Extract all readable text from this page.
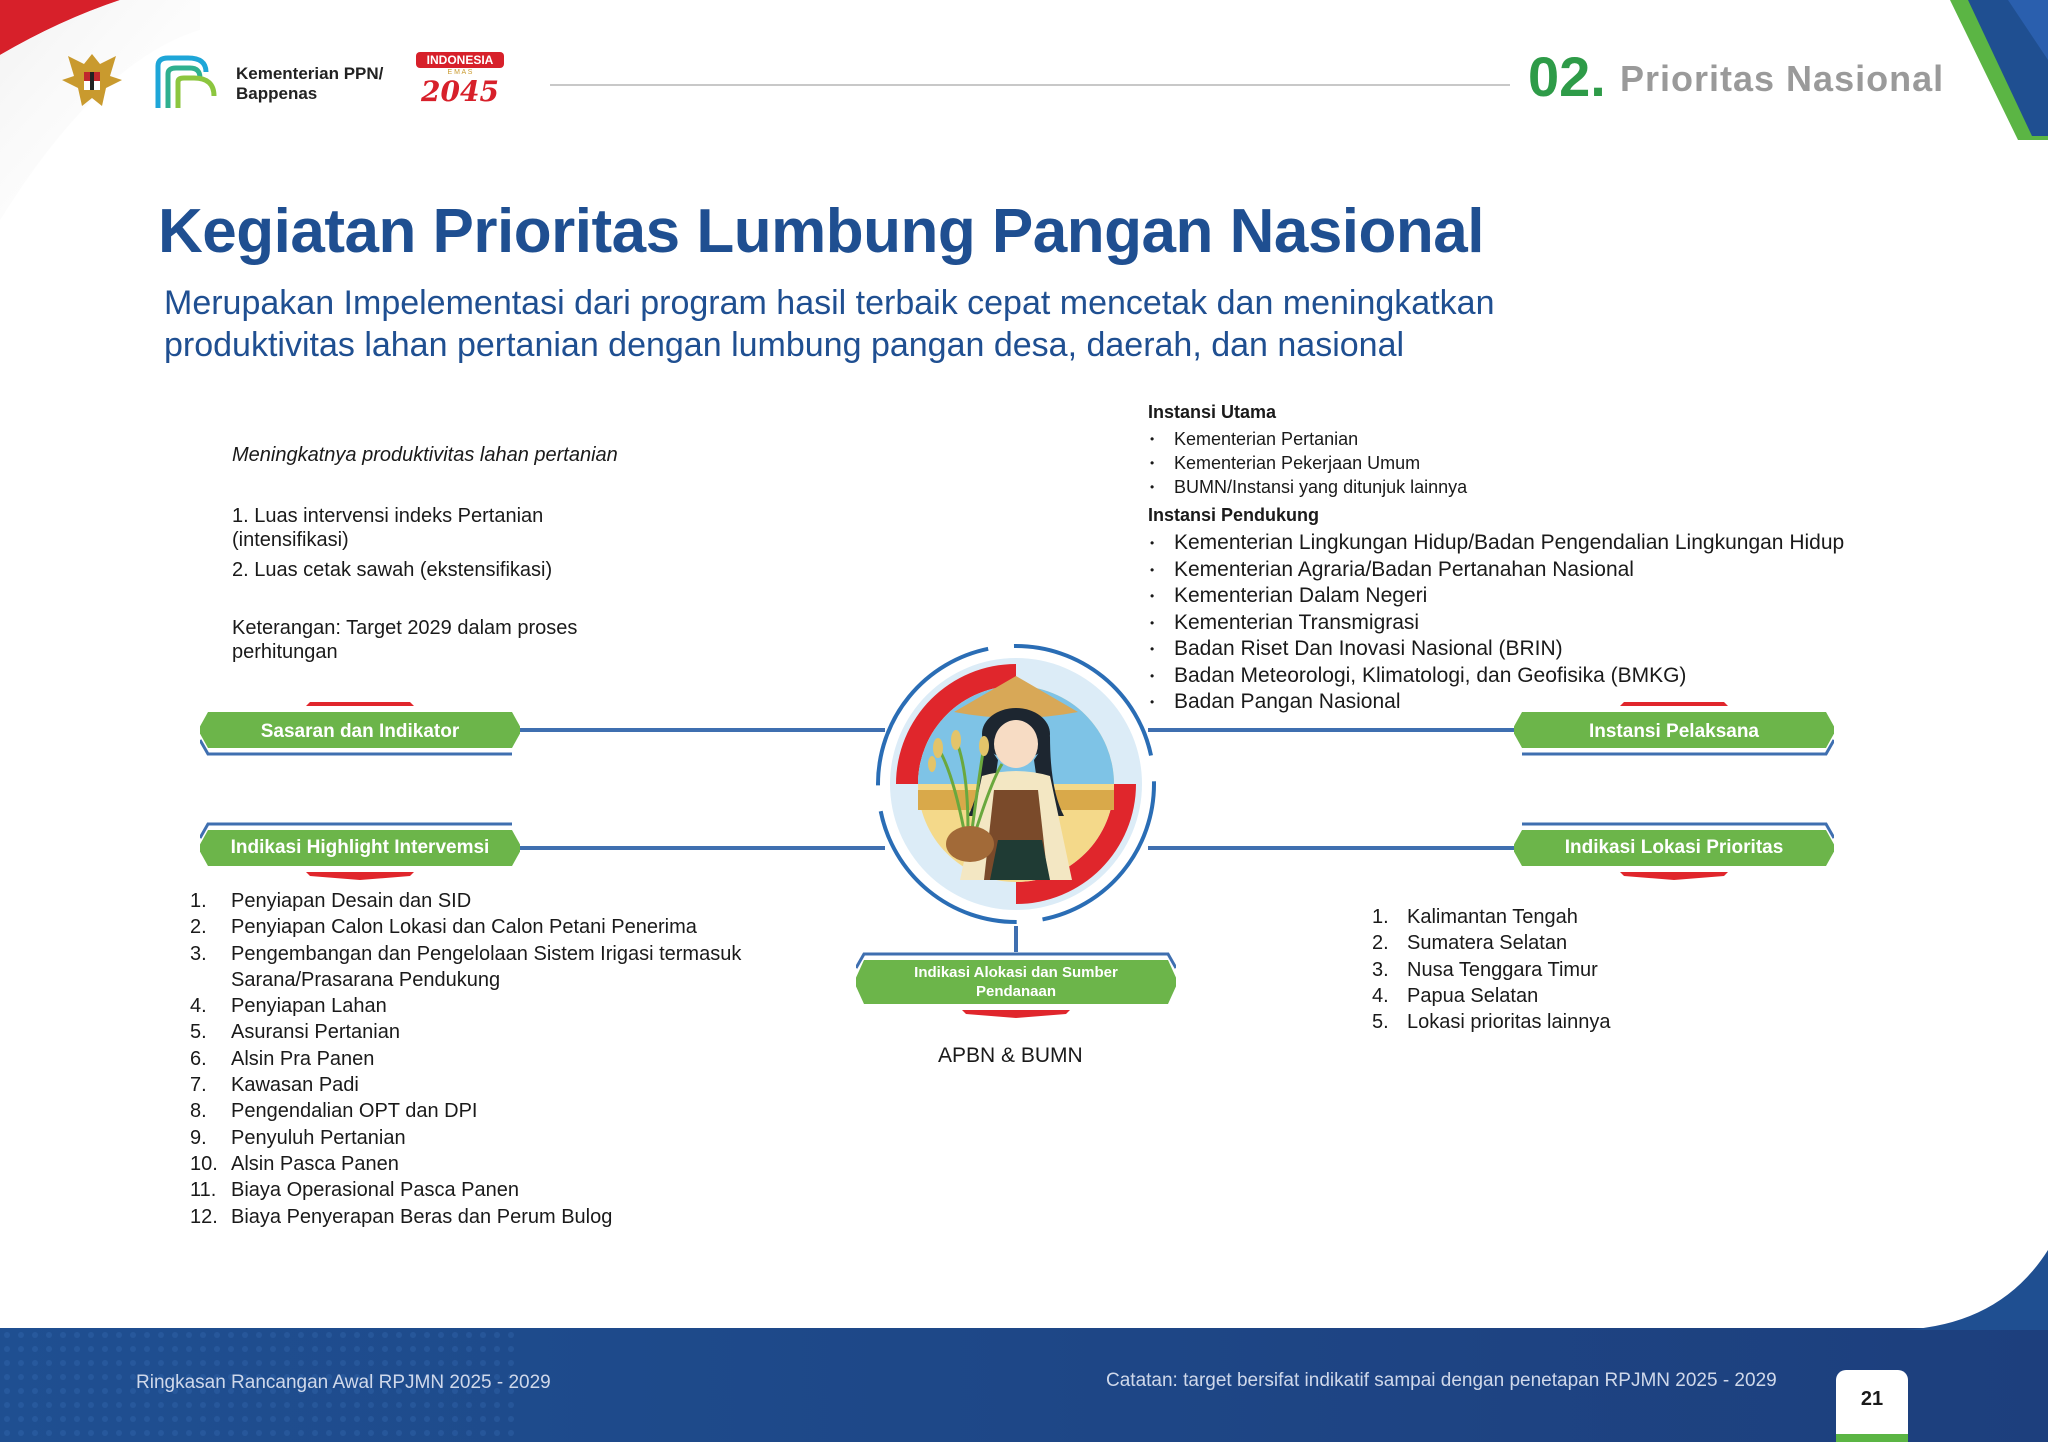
Kementerian PPN/
Bappenas
INDONESIA
E M A S
2045	02. Prioritas Nasional
Kegiatan Prioritas Lumbung Pangan Nasional
Merupakan Impelementasi dari program hasil terbaik cepat mencetak dan meningkatkan produktivitas lahan pertanian dengan lumbung pangan desa, daerah, dan nasional
Meningkatnya produktivitas lahan pertanian
1. Luas intervensi indeks Pertanian (intensifikasi)
2. Luas cetak sawah (ekstensifikasi)
Keterangan: Target 2029 dalam proses perhitungan
Instansi Utama
• Kementerian Pertanian
• Kementerian Pekerjaan Umum
• BUMN/Instansi yang ditunjuk lainnya
Instansi Pendukung
• Kementerian Lingkungan Hidup/Badan Pengendalian Lingkungan Hidup
• Kementerian Agraria/Badan Pertanahan Nasional
• Kementerian Dalam Negeri
• Kementerian Transmigrasi
• Badan Riset Dan Inovasi Nasional (BRIN)
• Badan Meteorologi, Klimatologi, dan Geofisika (BMKG)
• Badan Pangan Nasional
Sasaran dan Indikator	Instansi Pelaksana
Indikasi Highlight Intervemsi	Indikasi Lokasi Prioritas
Indikasi Alokasi dan Sumber
Pendanaan
APBN & BUMN
1.	Penyiapan Desain dan SID
2.	Penyiapan Calon Lokasi dan Calon Petani Penerima
3.	Pengembangan dan Pengelolaan Sistem Irigasi termasuk Sarana/Prasarana Pendukung
4.	Penyiapan Lahan
5.	Asuransi Pertanian
6.	Alsin Pra Panen
7.	Kawasan Padi
8.	Pengendalian OPT dan DPI
9.	Penyuluh Pertanian
10. Alsin Pasca Panen
11. Biaya Operasional Pasca Panen
12. Biaya Penyerapan Beras dan Perum Bulog
1. Kalimantan Tengah
2. Sumatera Selatan
3. Nusa Tenggara Timur
4. Papua Selatan
5. Lokasi prioritas lainnya
Ringkasan Rancangan Awal RPJMN 2025 - 2029	Catatan: target bersifat indikatif sampai dengan penetapan RPJMN 2025 - 2029
21
